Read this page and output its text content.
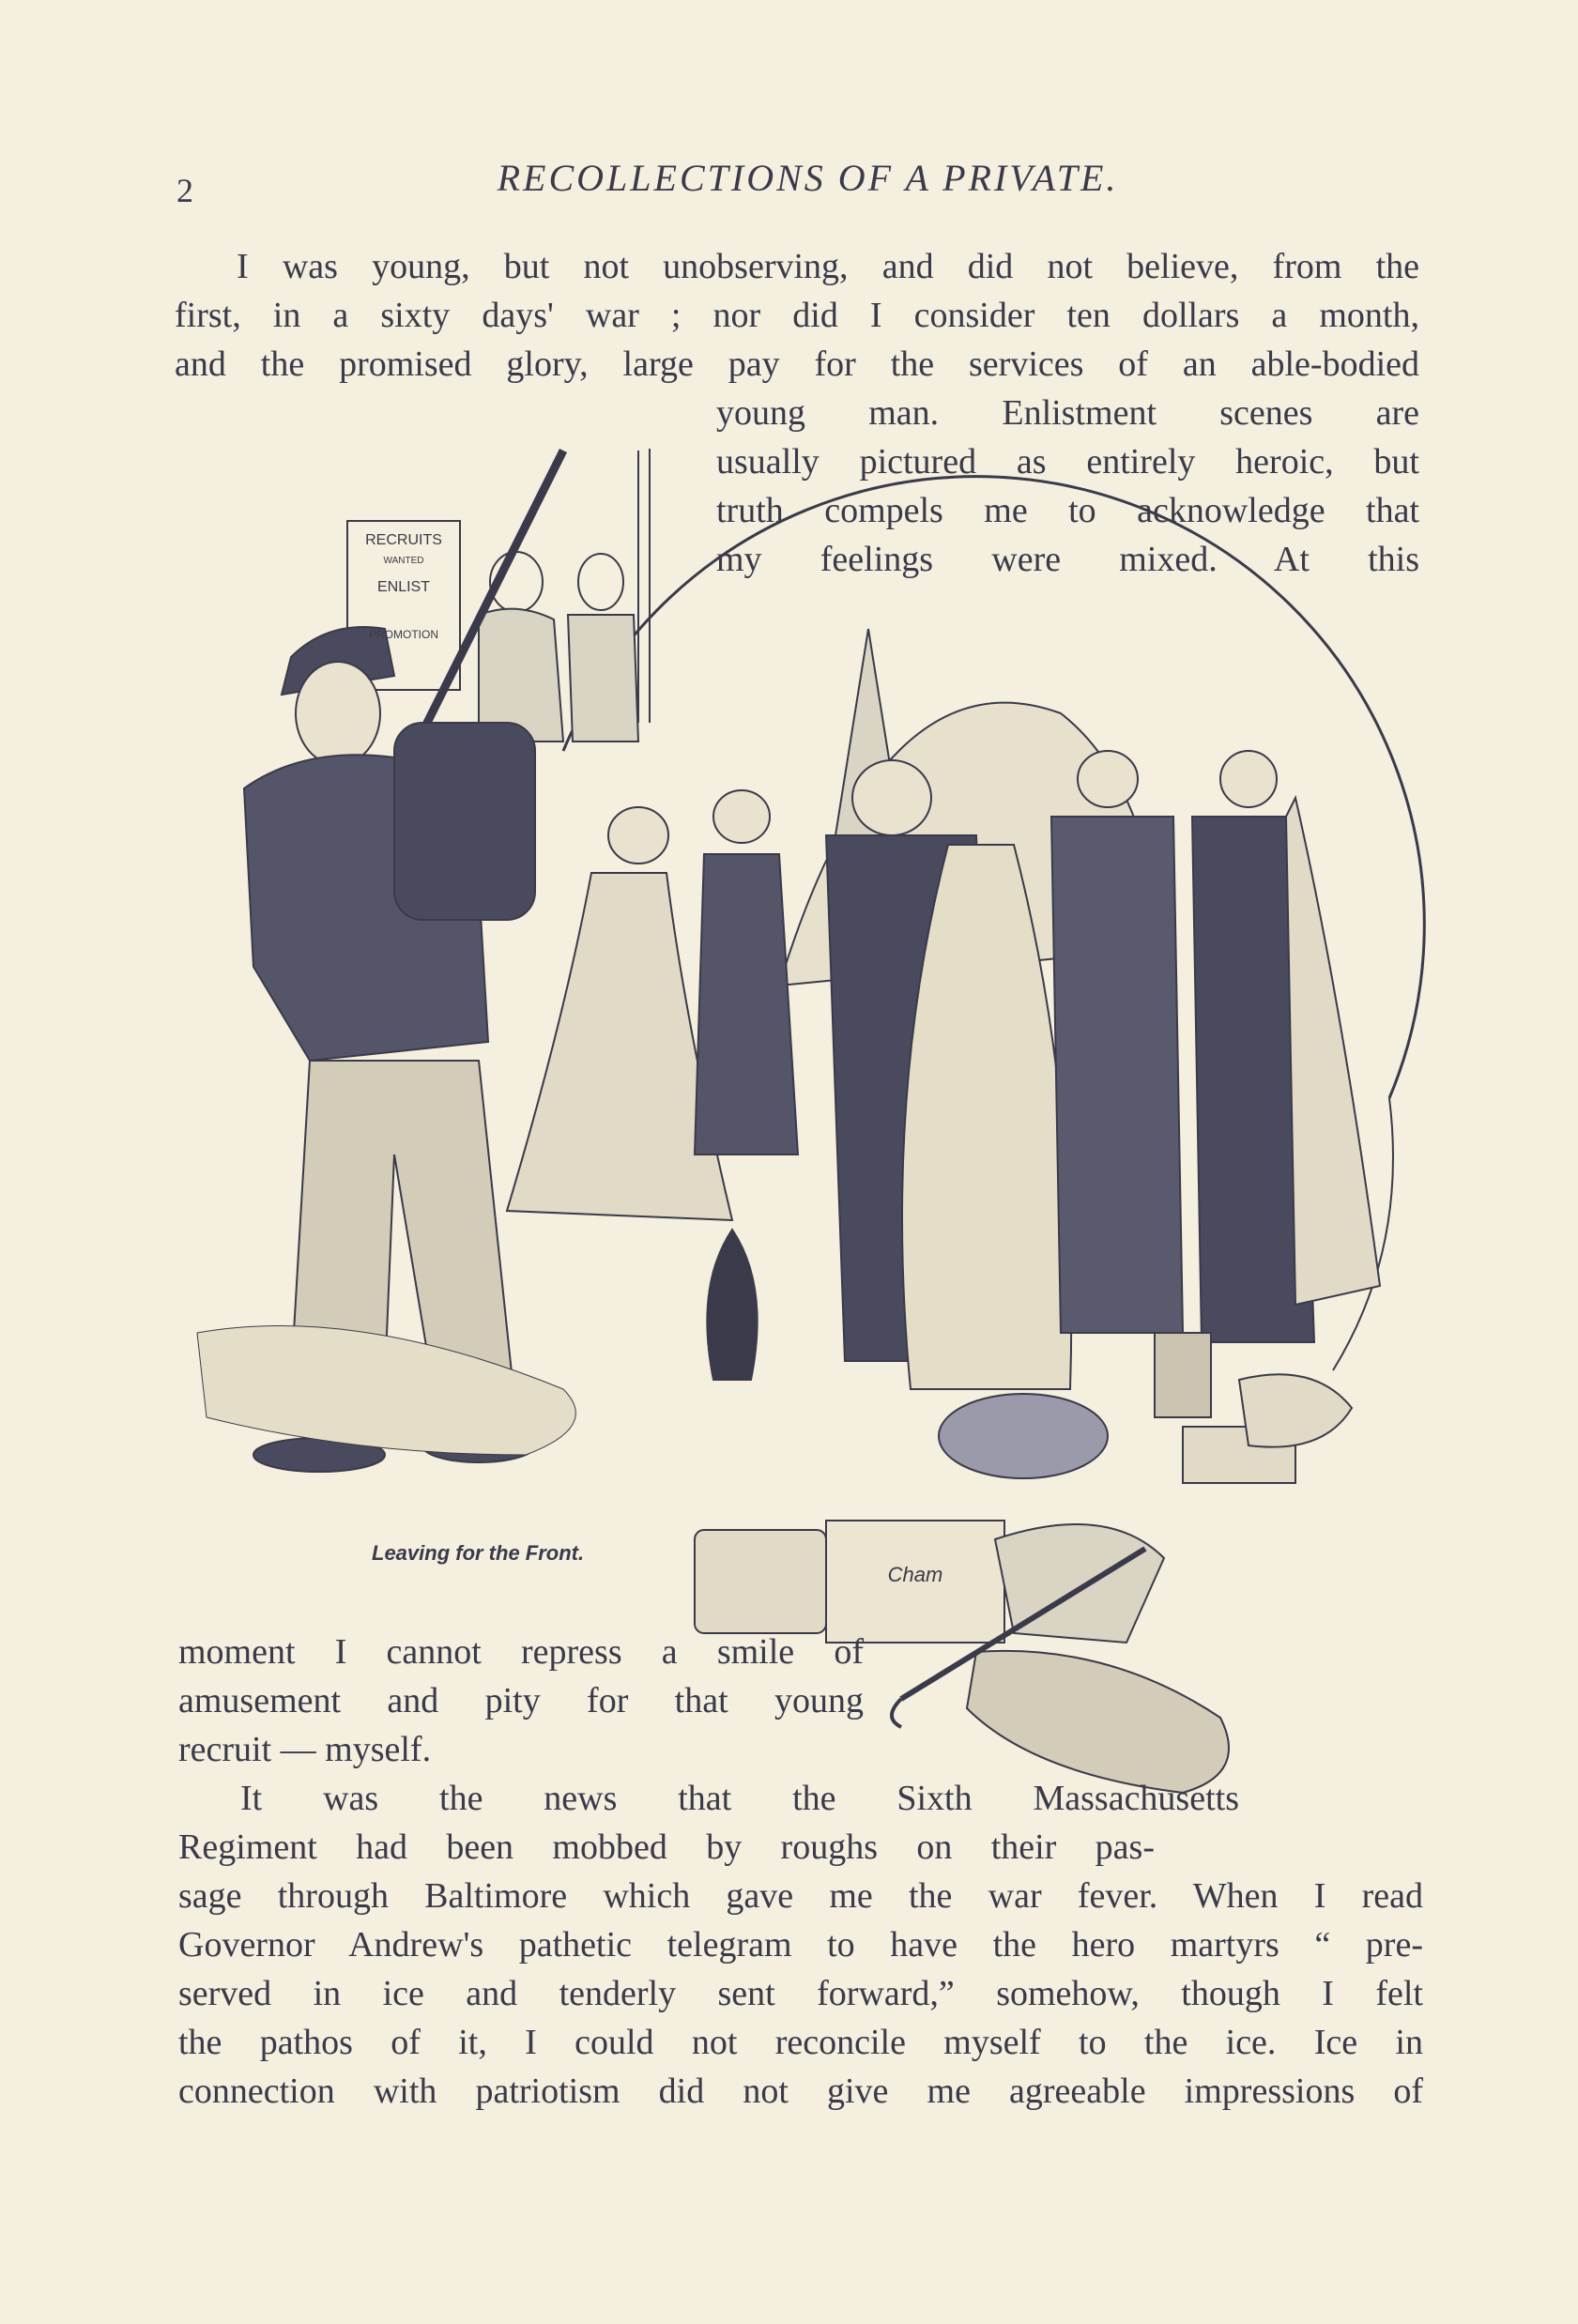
2	RECOLLECTIONS OF A PRIVATE.

I was young, but not unobserving, and did not believe, from the
first, in a sixty days' war ; nor did I consider ten dollars a month,
and the promised glory, large pay for the services of an able-bodied

young man. Enlistment scenes are
usually pictured as entirely heroic, but
truth compels me to acknowledge that
my feelings were mixed. At this

RECRUITS
WANTED
ENLIST
PROMOTION
Cham
Leaving for the Front.

moment I cannot repress a smile of
amusement and pity for that young
recruit — myself.

It was the news that the Sixth Massachusetts
Regiment had been mobbed by roughs on their pas-
sage through Baltimore which gave me the war fever. When I read
Governor Andrew's pathetic telegram to have the hero martyrs “ pre-
served in ice and tenderly sent forward,” somehow, though I felt
the pathos of it, I could not reconcile myself to the ice. Ice in
connection with patriotism did not give me agreeable impressions of
